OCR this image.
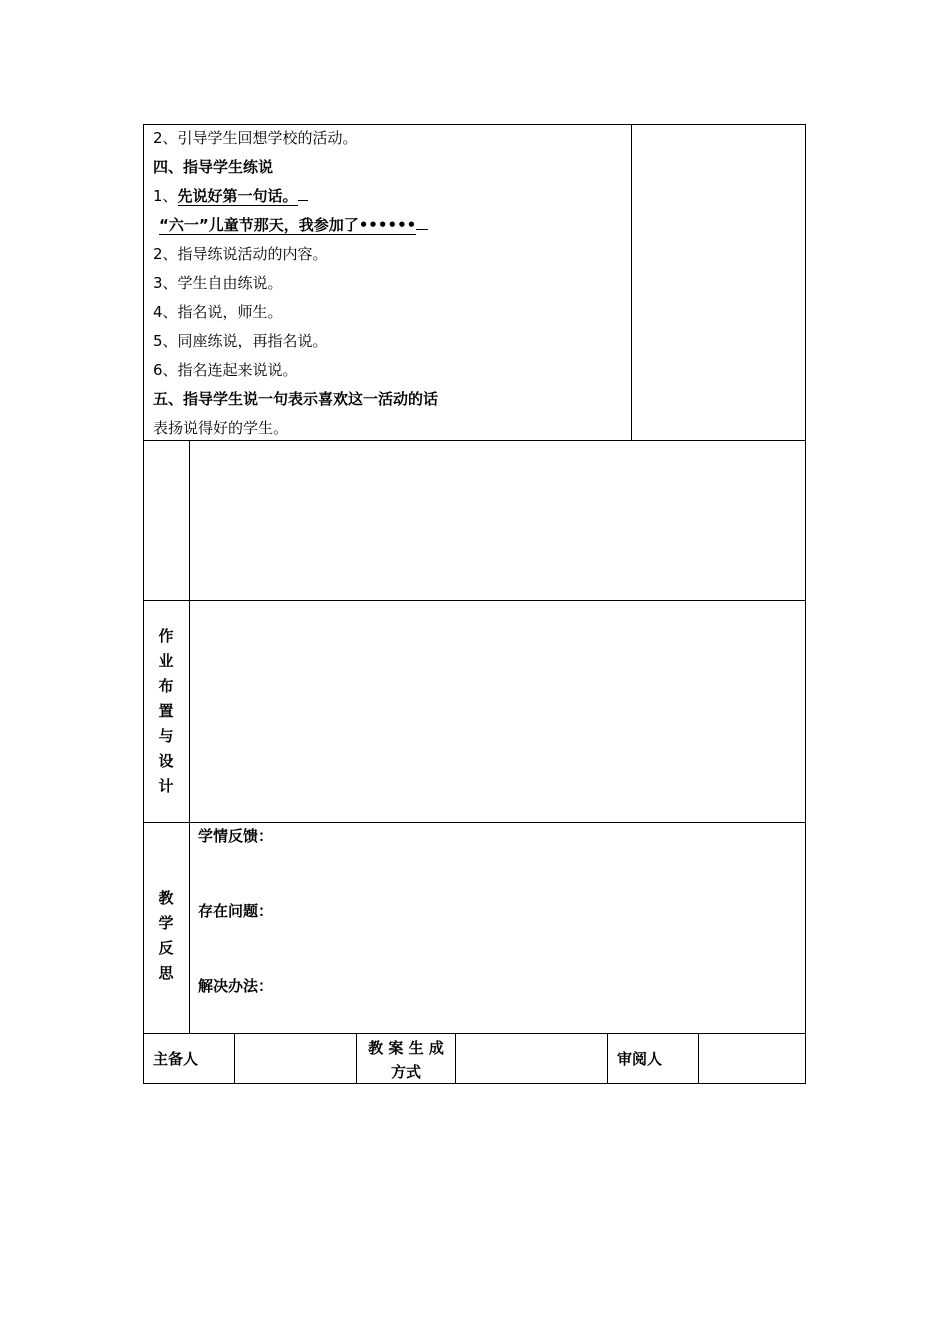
2、引导学生回想学校的活动。
四、指导学生练说
1、先说好第一句话。
“六一”儿童节那天，我参加了••••••
2、指导练说活动的内容。
3、学生自由练说。
4、指名说，师生。
5、同座练说，再指名说。
6、指名连起来说说。
五、指导学生说一句表示喜欢这一活动的话
表扬说得好的学生。
作业布置与设计
教学反思
学情反馈：
存在问题：
解决办法：
主备人
教 案 生 成
方式
审阅人
